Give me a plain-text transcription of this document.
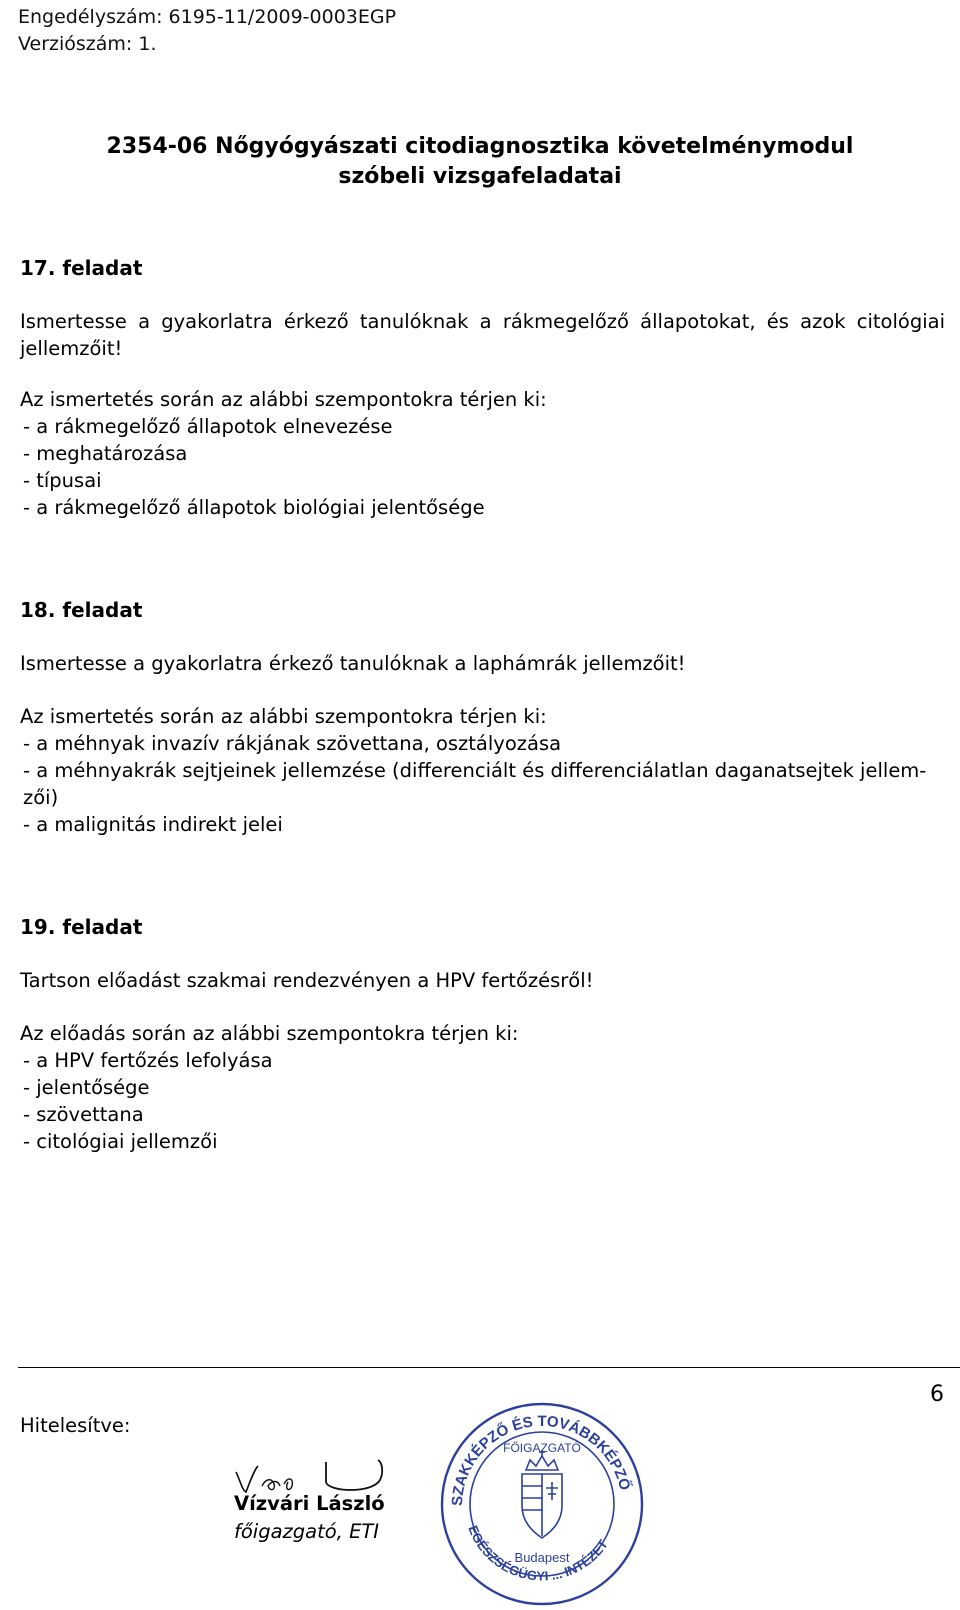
Engedélyszám: 6195-11/2009-0003EGP
Verziószám: 1.
2354-06 Nőgyógyászati citodiagnosztika követelménymodul
szóbeli vizsgafeladatai
17. feladat
Ismertesse a gyakorlatra érkező tanulóknak a rákmegelőző állapotokat, és azok citológiai
jellemzőit!
Az ismertetés során az alábbi szempontokra térjen ki:
- a rákmegelőző állapotok elnevezése
- meghatározása
- típusai
- a rákmegelőző állapotok biológiai jelentősége
18. feladat
Ismertesse a gyakorlatra érkező tanulóknak a laphámrák jellemzőit!
Az ismertetés során az alábbi szempontokra térjen ki:
- a méhnyak invazív rákjának szövettana, osztályozása
- a méhnyakrák sejtjeinek jellemzése (differenciált és differenciálatlan daganatsejtek jellem-
zői)
- a malignitás indirekt jelei
19. feladat
Tartson előadást szakmai rendezvényen a HPV fertőzésről!
Az előadás során az alábbi szempontokra térjen ki:
- a HPV fertőzés lefolyása
- jelentősége
- szövettana
- citológiai jellemzői
6
Hitelesítve:
Vízvári László
főigazgató, ETI
SZAKKÉPZŐ ÉS TOVÁBBKÉPZŐ
EGÉSZSÉGÜGYI ... INTÉZET
FŐIGAZGATÓ
Budapest
